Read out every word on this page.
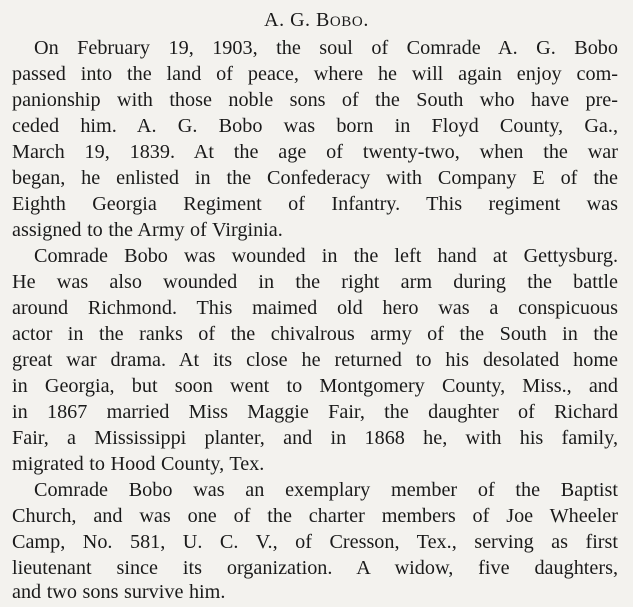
A. G. BOBO.
On February 19, 1903, the soul of Comrade A. G. Bobo
passed into the land of peace, where he will again enjoy com-
panionship with those noble sons of the South who have pre-
ceded him. A. G. Bobo was born in Floyd County, Ga.,
March 19, 1839. At the age of twenty-two, when the war
began, he enlisted in the Confederacy with Company E of the
Eighth Georgia Regiment of Infantry. This regiment was
assigned to the Army of Virginia.
Comrade Bobo was wounded in the left hand at Gettysburg.
He was also wounded in the right arm during the battle
around Richmond. This maimed old hero was a conspicuous
actor in the ranks of the chivalrous army of the South in the
great war drama. At its close he returned to his desolated home
in Georgia, but soon went to Montgomery County, Miss., and
in 1867 married Miss Maggie Fair, the daughter of Richard
Fair, a Mississippi planter, and in 1868 he, with his family,
migrated to Hood County, Tex.
Comrade Bobo was an exemplary member of the Baptist
Church, and was one of the charter members of Joe Wheeler
Camp, No. 581, U. C. V., of Cresson, Tex., serving as first
lieutenant since its organization. A widow, five daughters,
and two sons survive him.
